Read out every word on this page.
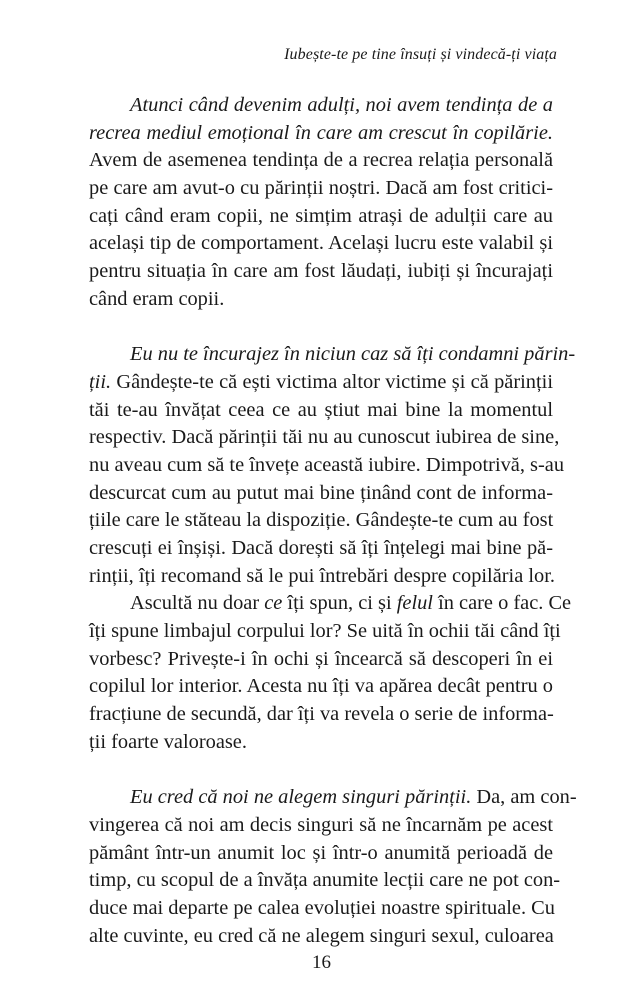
Iubește-te pe tine însuți și vindecă-ți viața
Atunci când devenim adulți, noi avem tendința de a
recrea mediul emoțional în care am crescut în copilărie.
Avem de asemenea tendința de a recrea relația personală
pe care am avut-o cu părinții noștri. Dacă am fost critici-
cați când eram copii, ne simțim atrași de adulții care au
același tip de comportament. Același lucru este valabil și
pentru situația în care am fost lăudați, iubiți și încurajați
când eram copii.
Eu nu te încurajez în niciun caz să îți condamni părin-
ții. Gândește-te că ești victima altor victime și că părinții
tăi te-au învățat ceea ce au știut mai bine la momentul
respectiv. Dacă părinții tăi nu au cunoscut iubirea de sine,
nu aveau cum să te învețe această iubire. Dimpotrivă, s-au
descurcat cum au putut mai bine ținând cont de informa-
țiile care le stăteau la dispoziție. Gândește-te cum au fost
crescuți ei înșiși. Dacă dorești să îți înțelegi mai bine pă-
rinții, îți recomand să le pui întrebări despre copilăria lor.
Ascultă nu doar ce îți spun, ci și felul în care o fac. Ce
îți spune limbajul corpului lor? Se uită în ochii tăi când îți
vorbesc? Privește-i în ochi și încearcă să descoperi în ei
copilul lor interior. Acesta nu îți va apărea decât pentru o
fracțiune de secundă, dar îți va revela o serie de informa-
ții foarte valoroase.
Eu cred că noi ne alegem singuri părinții. Da, am con-
vingerea că noi am decis singuri să ne încarnăm pe acest
pământ într-un anumit loc și într-o anumită perioadă de
timp, cu scopul de a învăța anumite lecții care ne pot con-
duce mai departe pe calea evoluției noastre spirituale. Cu
alte cuvinte, eu cred că ne alegem singuri sexul, culoarea
16
